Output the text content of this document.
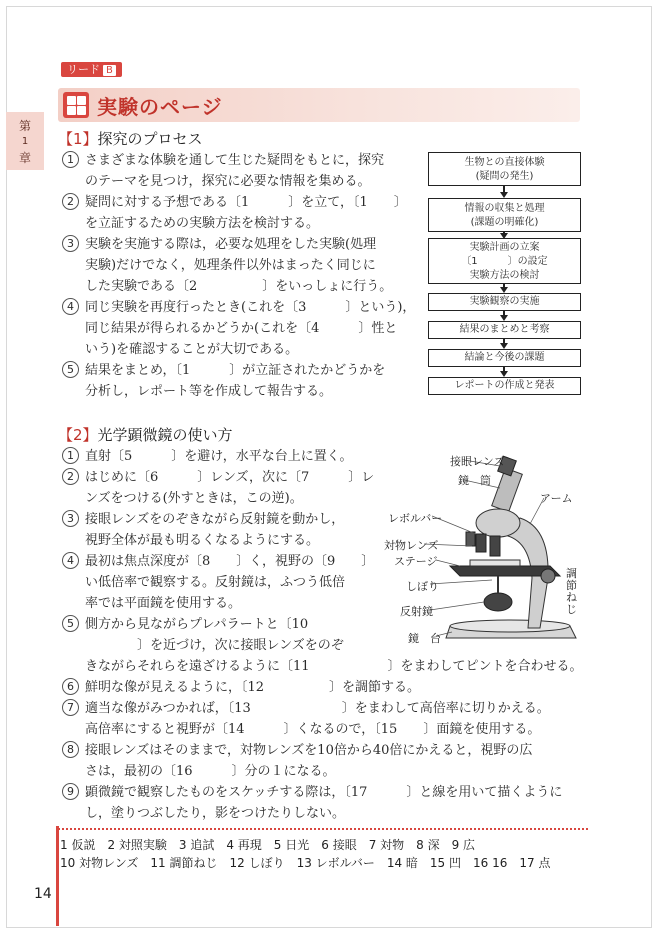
リード B
第
1
章
実験のページ
【1】探究のプロセス
1 さまざまな体験を通して生じた疑問をもとに，探究
のテーマを見つけ，探究に必要な情報を集める。
2 疑問に対する予想である〔1　　　〕を立て，〔1　　〕
を立証するための実験方法を検討する。
3 実験を実施する際は，必要な処理をした実験(処理
実験)だけでなく，処理条件以外はまったく同じに
した実験である〔2　　　　　〕をいっしょに行う。
4 同じ実験を再度行ったとき(これを〔3　　　〕という)，
同じ結果が得られるかどうか(これを〔4　　　〕性と
いう)を確認することが大切である。
5 結果をまとめ，〔1　　　〕が立証されたかどうかを
分析し，レポート等を作成して報告する。
生物との直接体験
(疑問の発生)
情報の収集と処理
(課題の明確化)
実験計画の立案
〔1　　　〕の設定
実験方法の検討
実験観察の実施
結果のまとめと考察
結論と今後の課題
レポートの作成と発表
【2】光学顕微鏡の使い方
1 直射〔5　　　〕を避け，水平な台上に置く。
2 はじめに〔6　　　〕レンズ，次に〔7　　　〕レ
ンズをつける(外すときは，この逆)。
3 接眼レンズをのぞきながら反射鏡を動かし，
視野全体が最も明るくなるようにする。
4 最初は焦点深度が〔8　　〕く，視野の〔9　　〕
い低倍率で観察する。反射鏡は，ふつう低倍
率では平面鏡を使用する。
5 側方から見ながらプレパラートと〔10
　　　　〕を近づけ，次に接眼レンズをのぞ
きながらそれらを遠ざけるように〔11　　　　　　〕をまわしてピントを合わせる。
6 鮮明な像が見えるように，〔12　　　　　〕を調節する。
7 適当な像がみつかれば，〔13　　　　　　　〕をまわして高倍率に切りかえる。
高倍率にすると視野が〔14　　　〕くなるので，〔15　　〕面鏡を使用する。
8 接眼レンズはそのままで，対物レンズを10倍から40倍にかえると，視野の広
さは，最初の〔16　　　〕分の１になる。
9 顕微鏡で観察したものをスケッチする際は，〔17　　　〕と線を用いて描くように
し，塗りつぶしたり，影をつけたりしない。
接眼レンズ
鏡　筒
アーム
レボルバー
対物レンズ
ステージ
しぼり
反射鏡
鏡　台
調節ねじ
1 仮説　2 対照実験　3 追試　4 再現　5 日光　6 接眼　7 対物　8 深　9 広
10 対物レンズ　11 調節ねじ　12 しぼり　13 レボルバー　14 暗　15 凹　16 16　17 点
14
